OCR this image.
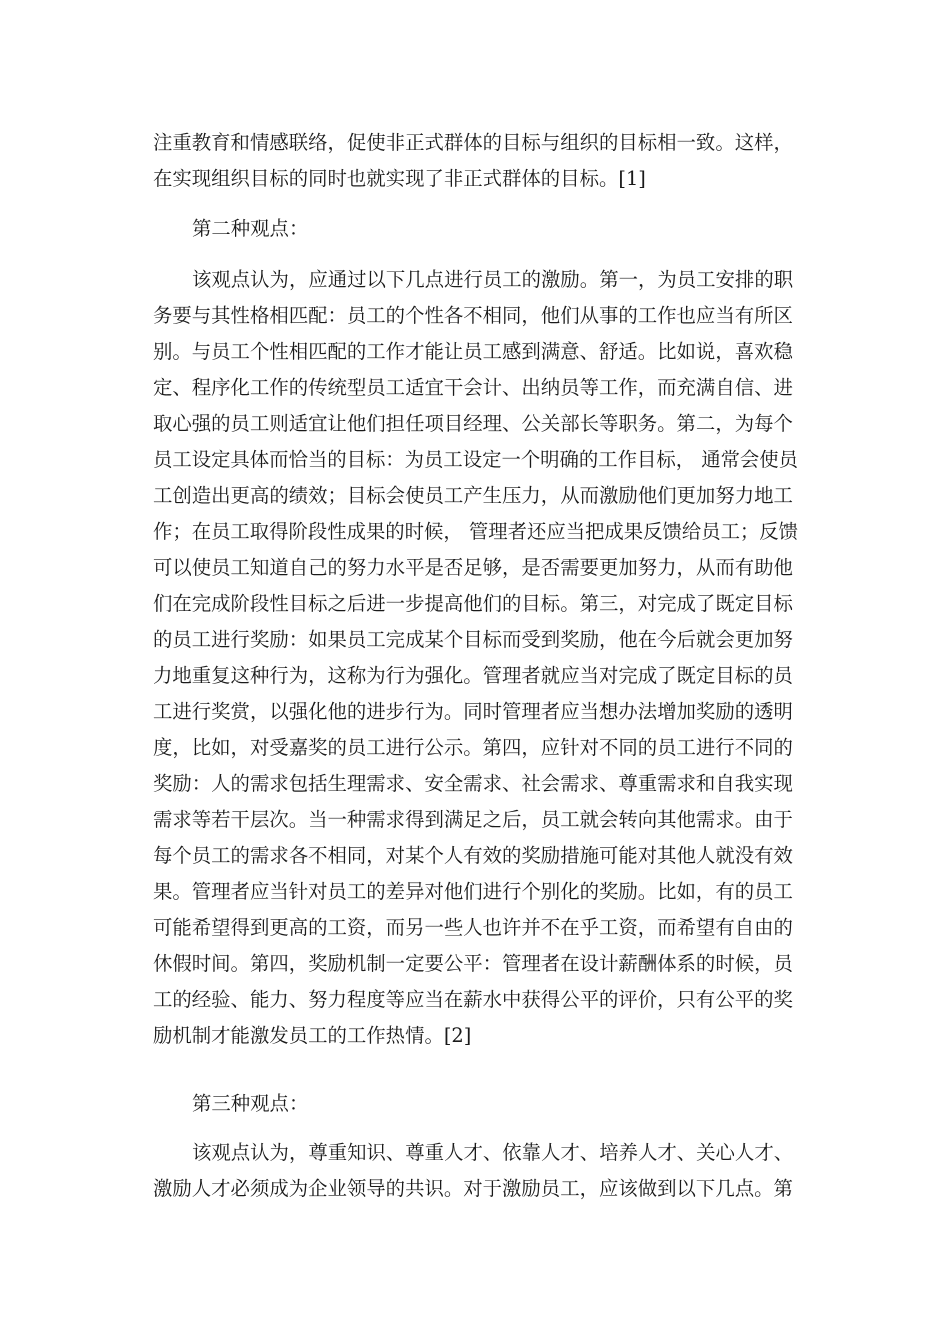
注重教育和情感联络，促使非正式群体的目标与组织的目标相一致。这样，
在实现组织目标的同时也就实现了非正式群体的目标。[1]
第二种观点：
该观点认为，应通过以下几点进行员工的激励。第一，为员工安排的职
务要与其性格相匹配：员工的个性各不相同，他们从事的工作也应当有所区
别。与员工个性相匹配的工作才能让员工感到满意、舒适。比如说，喜欢稳
定、程序化工作的传统型员工适宜干会计、出纳员等工作，而充满自信、进
取心强的员工则适宜让他们担任项目经理、公关部长等职务。第二，为每个
员工设定具体而恰当的目标：为员工设定一个明确的工作目标， 通常会使员
工创造出更高的绩效；目标会使员工产生压力，从而激励他们更加努力地工
作；在员工取得阶段性成果的时候， 管理者还应当把成果反馈给员工；反馈
可以使员工知道自己的努力水平是否足够，是否需要更加努力，从而有助他
们在完成阶段性目标之后进一步提高他们的目标。第三，对完成了既定目标
的员工进行奖励：如果员工完成某个目标而受到奖励，他在今后就会更加努
力地重复这种行为，这称为行为强化。管理者就应当对完成了既定目标的员
工进行奖赏，以强化他的进步行为。同时管理者应当想办法增加奖励的透明
度，比如，对受嘉奖的员工进行公示。第四，应针对不同的员工进行不同的
奖励：人的需求包括生理需求、安全需求、社会需求、尊重需求和自我实现
需求等若干层次。当一种需求得到满足之后，员工就会转向其他需求。由于
每个员工的需求各不相同，对某个人有效的奖励措施可能对其他人就没有效
果。管理者应当针对员工的差异对他们进行个别化的奖励。比如，有的员工
可能希望得到更高的工资，而另一些人也许并不在乎工资，而希望有自由的
休假时间。第四，奖励机制一定要公平：管理者在设计薪酬体系的时候，员
工的经验、能力、努力程度等应当在薪水中获得公平的评价，只有公平的奖
励机制才能激发员工的工作热情。[2]
第三种观点：
该观点认为，尊重知识、尊重人才、依靠人才、培养人才、关心人才、
激励人才必须成为企业领导的共识。对于激励员工，应该做到以下几点。第
